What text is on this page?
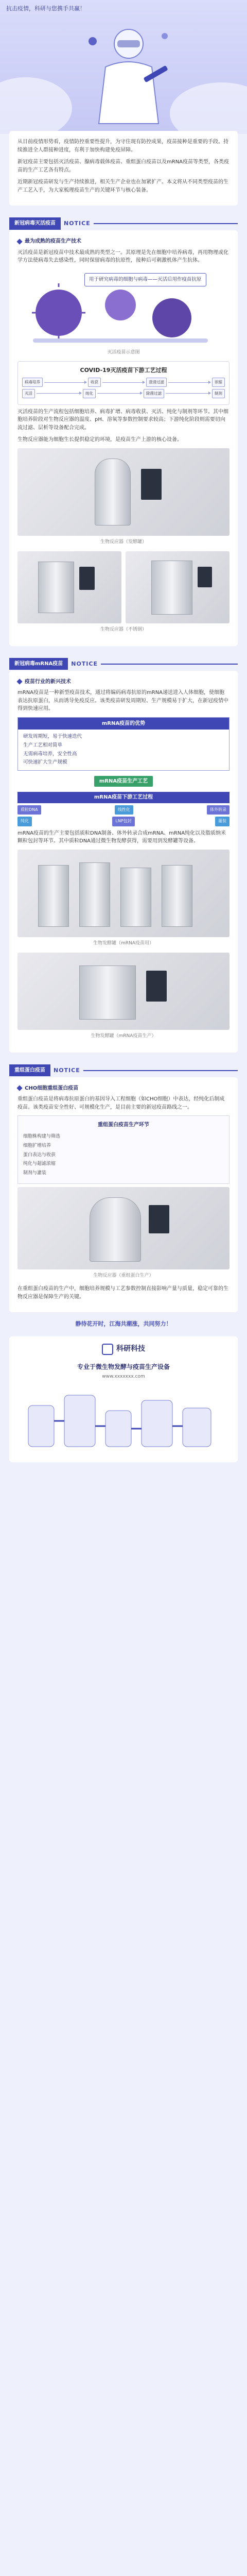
抗击疫情，科研与您携手共赢！

从目前疫情形势看，疫情防控重要性提升，为守住现有防控成果，疫苗接种是重要的手段。持续推进全人群接种进度，有利于加快构建免疫屏障。

新冠疫苗主要包括灭活疫苗、腺病毒载体疫苗、重组蛋白疫苗以及mRNA疫苗等类型，各类疫苗的生产工艺各有特点。

近期新冠疫苗研发与生产持续推进，相关生产企业也在加紧扩产。本文将从不同类型疫苗的生产工艺入手，为大家梳理疫苗生产的关键环节与核心装备。

新冠病毒灭活疫苗	NOTICE
最为成熟的疫苗生产技术

灭活疫苗是新冠疫苗中技术最成熟的类型之一。其原理是先在细胞中培养病毒，再用物理或化学方法使病毒失去感染性，同时保留病毒的抗原性，接种后可刺激机体产生抗体。

用于研究病毒的细胞与病毒——灭活后用作疫苗抗原
灭活疫苗示意图
COVID-19灭活疫苗下游工艺过程
病毒培养	收获	澄清过滤	浓缩
灭活	纯化	除菌过滤	制剂

灭活疫苗的生产流程包括细胞培养、病毒扩增、病毒收获、灭活、纯化与制剂等环节。其中细胞培养阶段对生物反应器的温度、pH、溶氧等参数控制要求较高；下游纯化阶段则需要切向流过滤、层析等设备配合完成。

生物反应器能为细胞生长提供稳定的环境，是疫苗生产上游的核心设备。

生物反应器（发酵罐）
生物反应器（不锈钢）
新冠病毒mRNA疫苗	NOTICE
疫苗行业的新兴技术

mRNA疫苗是一种新型疫苗技术，通过将编码病毒抗原的mRNA递送进入人体细胞，使细胞表达抗原蛋白，从而诱导免疫反应。该类疫苗研发周期短、生产规模易于扩大，在新冠疫情中得到快速应用。

mRNA疫苗的优势
研发周期短，易于快速迭代
生产工艺相对简单
无需病毒培养，安全性高
可快速扩大生产规模
mRNA疫苗生产工艺
mRNA疫苗下游工艺过程
质粒DNA	线性化	体外转录
纯化	LNP包封	灌装

mRNA疫苗的生产主要包括质粒DNA制备、体外转录合成mRNA、mRNA纯化以及脂质纳米颗粒包封等环节。其中质粒DNA通过微生物发酵获得，需要用到发酵罐等设备。

生物发酵罐（mRNA疫苗用）
生物发酵罐（mRNA疫苗生产）
重组蛋白疫苗	NOTICE
CHO细胞重组蛋白疫苗

重组蛋白疫苗是将病毒抗原蛋白的基因导入工程细胞（如CHO细胞）中表达，经纯化后制成疫苗。该类疫苗安全性好、可规模化生产，是目前主要的新冠疫苗路线之一。

重组蛋白疫苗生产环节
细胞株构建与筛选
细胞扩增培养
蛋白表达与收获
纯化与超滤浓缩
制剂与灌装
生物反应器（重组蛋白生产）

在重组蛋白疫苗的生产中，细胞培养规模与工艺参数控制直接影响产量与质量，稳定可靠的生物反应器是保障生产的关键。

静待花开时，江海共潮涨，共同努力！
科研科技
专业于微生物发酵与疫苗生产设备
www.xxxxxxx.com
